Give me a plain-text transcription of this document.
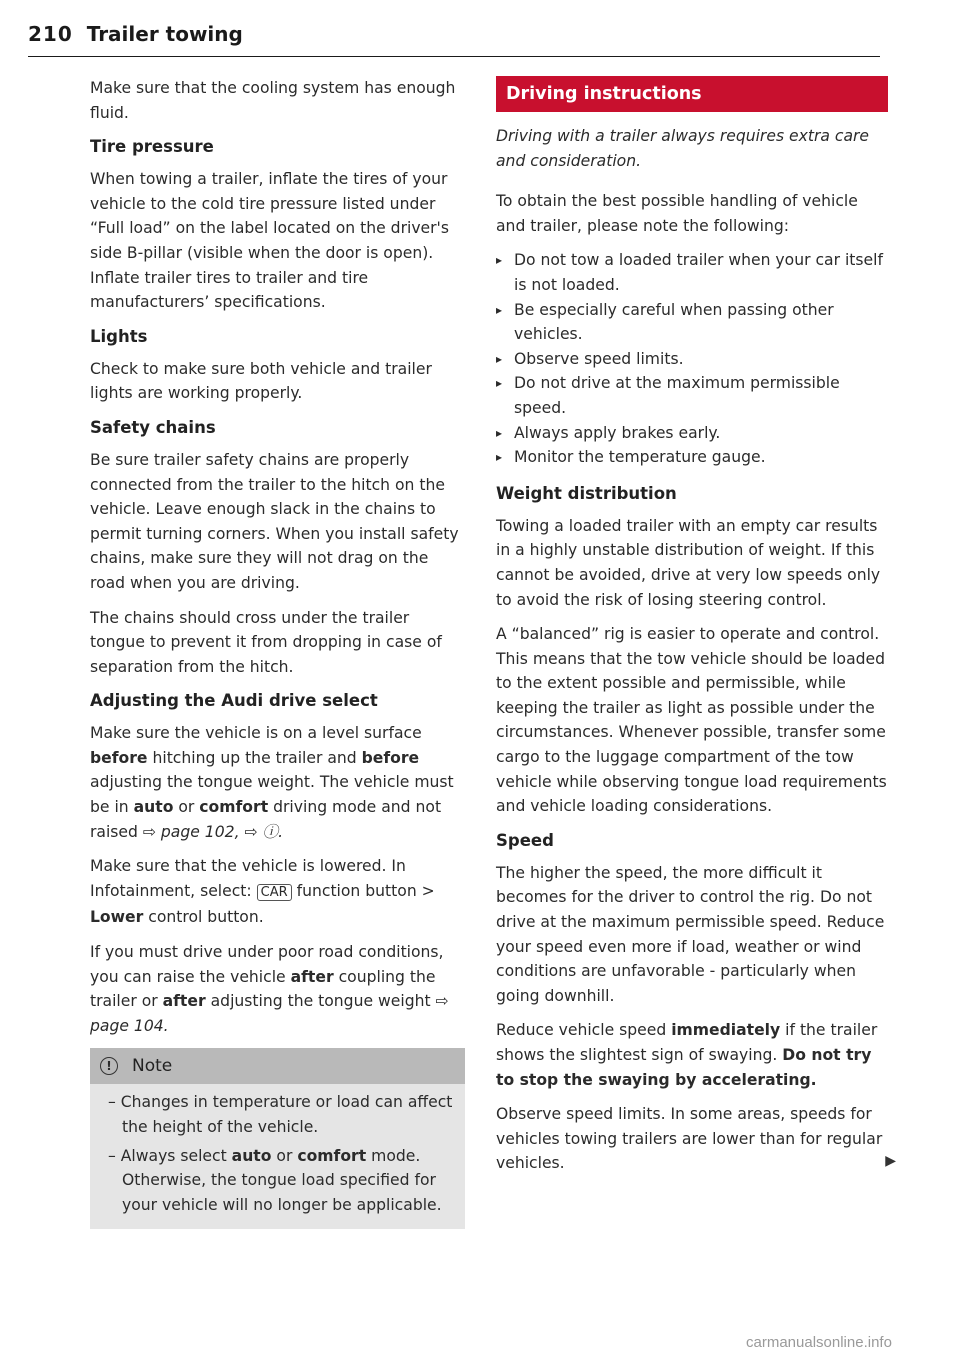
210 Trailer towing

Make sure that the cooling system has enough fluid.

Tire pressure

When towing a trailer, inflate the tires of your vehicle to the cold tire pressure listed under “Full load” on the label located on the driver's side B-pillar (visible when the door is open). Inflate trailer tires to trailer and tire manufacturers’ specifications.

Lights

Check to make sure both vehicle and trailer lights are working properly.

Safety chains

Be sure trailer safety chains are properly connected from the trailer to the hitch on the vehicle. Leave enough slack in the chains to permit turning corners. When you install safety chains, make sure they will not drag on the road when you are driving.

The chains should cross under the trailer tongue to prevent it from dropping in case of separation from the hitch.

Adjusting the Audi drive select

Make sure the vehicle is on a level surface before hitching up the trailer and before adjusting the tongue weight. The vehicle must be in auto or comfort driving mode and not raised ⇨ page 102, ⇨ ⓘ.

Make sure that the vehicle is lowered. In Infotainment, select: CAR function button > Lower control button.

If you must drive under poor road conditions, you can raise the vehicle after coupling the trailer or after adjusting the tongue weight ⇨ page 104.

!	Note
– Changes in temperature or load can affect the height of the vehicle.
– Always select auto or comfort mode. Otherwise, the tongue load specified for your vehicle will no longer be applicable.
Driving instructions

Driving with a trailer always requires extra care and consideration.

To obtain the best possible handling of vehicle and trailer, please note the following:

▸ Do not tow a loaded trailer when your car itself is not loaded.
▸ Be especially careful when passing other vehicles.
▸ Observe speed limits.
▸ Do not drive at the maximum permissible speed.
▸ Always apply brakes early.
▸ Monitor the temperature gauge.
Weight distribution

Towing a loaded trailer with an empty car results in a highly unstable distribution of weight. If this cannot be avoided, drive at very low speeds only to avoid the risk of losing steering control.

A “balanced” rig is easier to operate and control. This means that the tow vehicle should be loaded to the extent possible and permissible, while keeping the trailer as light as possible under the circumstances. Whenever possible, transfer some cargo to the luggage compartment of the tow vehicle while observing tongue load requirements and vehicle loading considerations.

Speed

The higher the speed, the more difficult it becomes for the driver to control the rig. Do not drive at the maximum permissible speed. Reduce your speed even more if load, weather or wind conditions are unfavorable - particularly when going downhill.

Reduce vehicle speed immediately if the trailer shows the slightest sign of swaying. Do not try to stop the swaying by accelerating.

Observe speed limits. In some areas, speeds for vehicles towing trailers are lower than for regular vehicles.	▶

carmanualsonline.info
